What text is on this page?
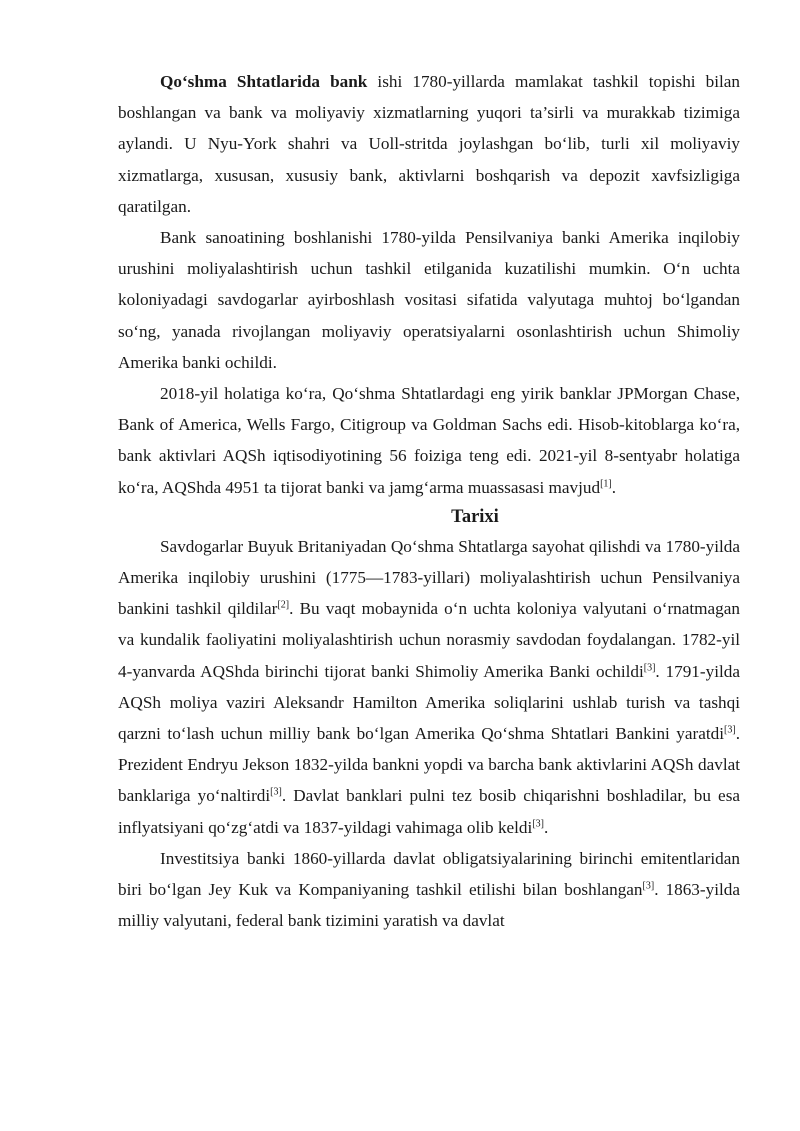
Qo‘shma Shtatlarida bank ishi 1780-yillarda mamlakat tashkil topishi bilan boshlangan va bank va moliyaviy xizmatlarning yuqori ta’sirli va murakkab tizimiga aylandi. U Nyu-York shahri va Uoll-stritda joylashgan bo‘lib, turli xil moliyaviy xizmatlarga, xususan, xususiy bank, aktivlarni boshqarish va depozit xavfsizligiga qaratilgan.

Bank sanoatining boshlanishi 1780-yilda Pensilvaniya banki Amerika inqilobiy urushini moliyalashtirish uchun tashkil etilganida kuzatilishi mumkin. O‘n uchta koloniyadagi savdogarlar ayirboshlash vositasi sifatida valyutaga muhtoj bo‘lgandan so‘ng, yanada rivojlangan moliyaviy operatsiyalarni osonlashtirish uchun Shimoliy Amerika banki ochildi.

2018-yil holatiga ko‘ra, Qo‘shma Shtatlardagi eng yirik banklar JPMorgan Chase, Bank of America, Wells Fargo, Citigroup va Goldman Sachs edi. Hisob-kitoblarga ko‘ra, bank aktivlari AQSh iqtisodiyotining 56 foiziga teng edi. 2021-yil 8-sentyabr holatiga ko‘ra, AQShda 4951 ta tijorat banki va jamg‘arma muassasasi mavjud[1].

Tarixi

Savdogarlar Buyuk Britaniyadan Qo‘shma Shtatlarga sayohat qilishdi va 1780-yilda Amerika inqilobiy urushini (1775—1783-yillari) moliyalashtirish uchun Pensilvaniya bankini tashkil qildilar[2]. Bu vaqt mobaynida o‘n uchta koloniya valyutani o‘rnatmagan va kundalik faoliyatini moliyalashtirish uchun norasmiy savdodan foydalangan. 1782-yil 4-yanvarda AQShda birinchi tijorat banki Shimoliy Amerika Banki ochildi[3]. 1791-yilda AQSh moliya vaziri Aleksandr Hamilton Amerika soliqlarini ushlab turish va tashqi qarzni to‘lash uchun milliy bank bo‘lgan Amerika Qo‘shma Shtatlari Bankini yaratdi[3]. Prezident Endryu Jekson 1832-yilda bankni yopdi va barcha bank aktivlarini AQSh davlat banklariga yo‘naltirdi[3]. Davlat banklari pulni tez bosib chiqarishni boshladilar, bu esa inflyatsiyani qo‘zg‘atdi va 1837-yildagi vahimaga olib keldi[3].

Investitsiya banki 1860-yillarda davlat obligatsiyalarining birinchi emitentlaridan biri bo‘lgan Jey Kuk va Kompaniyaning tashkil etilishi bilan boshlangan[3]. 1863-yilda milliy valyutani, federal bank tizimini yaratish va davlat
